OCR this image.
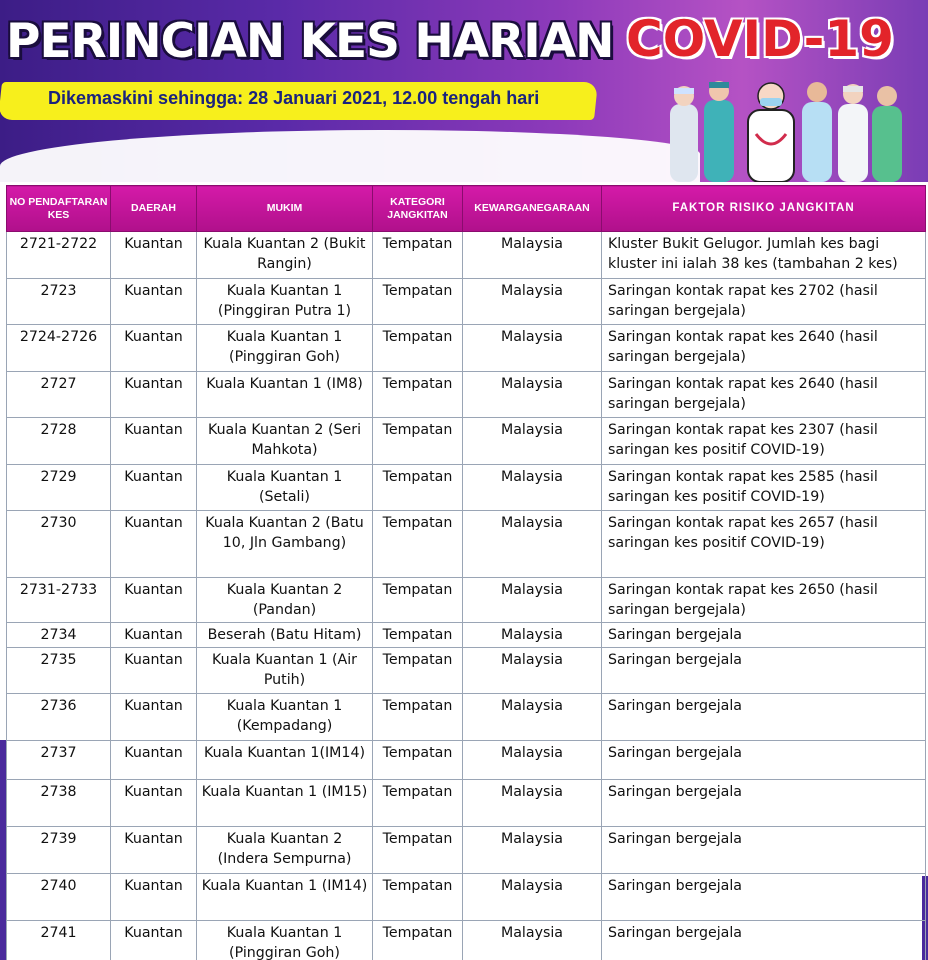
PERINCIAN KES HARIAN COVID-19
Dikemaskini sehingga: 28 Januari 2021, 12.00 tengah hari
NO PENDAFTARAN KES	DAERAH	MUKIM	KATEGORI JANGKITAN	KEWARGANEGARAAN	FAKTOR RISIKO JANGKITAN
2721-2722	Kuantan	Kuala Kuantan 2 (Bukit Rangin)	Tempatan	Malaysia	Kluster Bukit Gelugor. Jumlah kes bagi kluster ini ialah 38 kes (tambahan 2 kes)
2723	Kuantan	Kuala Kuantan 1 (Pinggiran Putra 1)	Tempatan	Malaysia	Saringan kontak rapat kes 2702 (hasil saringan bergejala)
2724-2726	Kuantan	Kuala Kuantan 1 (Pinggiran Goh)	Tempatan	Malaysia	Saringan kontak rapat kes 2640 (hasil saringan bergejala)
2727	Kuantan	Kuala Kuantan 1 (IM8)	Tempatan	Malaysia	Saringan kontak rapat kes 2640 (hasil saringan bergejala)
2728	Kuantan	Kuala Kuantan 2 (Seri Mahkota)	Tempatan	Malaysia	Saringan kontak rapat kes 2307 (hasil saringan kes positif COVID-19)
2729	Kuantan	Kuala Kuantan 1 (Setali)	Tempatan	Malaysia	Saringan kontak rapat kes 2585 (hasil saringan kes positif COVID-19)
2730	Kuantan	Kuala Kuantan 2 (Batu 10, Jln Gambang)	Tempatan	Malaysia	Saringan kontak rapat kes 2657 (hasil saringan kes positif COVID-19)
2731-2733	Kuantan	Kuala Kuantan 2 (Pandan)	Tempatan	Malaysia	Saringan kontak rapat kes 2650 (hasil saringan bergejala)
2734	Kuantan	Beserah (Batu Hitam)	Tempatan	Malaysia	Saringan bergejala
2735	Kuantan	Kuala Kuantan 1 (Air Putih)	Tempatan	Malaysia	Saringan bergejala
2736	Kuantan	Kuala Kuantan 1 (Kempadang)	Tempatan	Malaysia	Saringan bergejala
2737	Kuantan	Kuala Kuantan 1(IM14)	Tempatan	Malaysia	Saringan bergejala
2738	Kuantan	Kuala Kuantan 1 (IM15)	Tempatan	Malaysia	Saringan bergejala
2739	Kuantan	Kuala Kuantan 2 (Indera Sempurna)	Tempatan	Malaysia	Saringan bergejala
2740	Kuantan	Kuala Kuantan 1 (IM14)	Tempatan	Malaysia	Saringan bergejala
2741	Kuantan	Kuala Kuantan 1 (Pinggiran Goh)	Tempatan	Malaysia	Saringan bergejala
